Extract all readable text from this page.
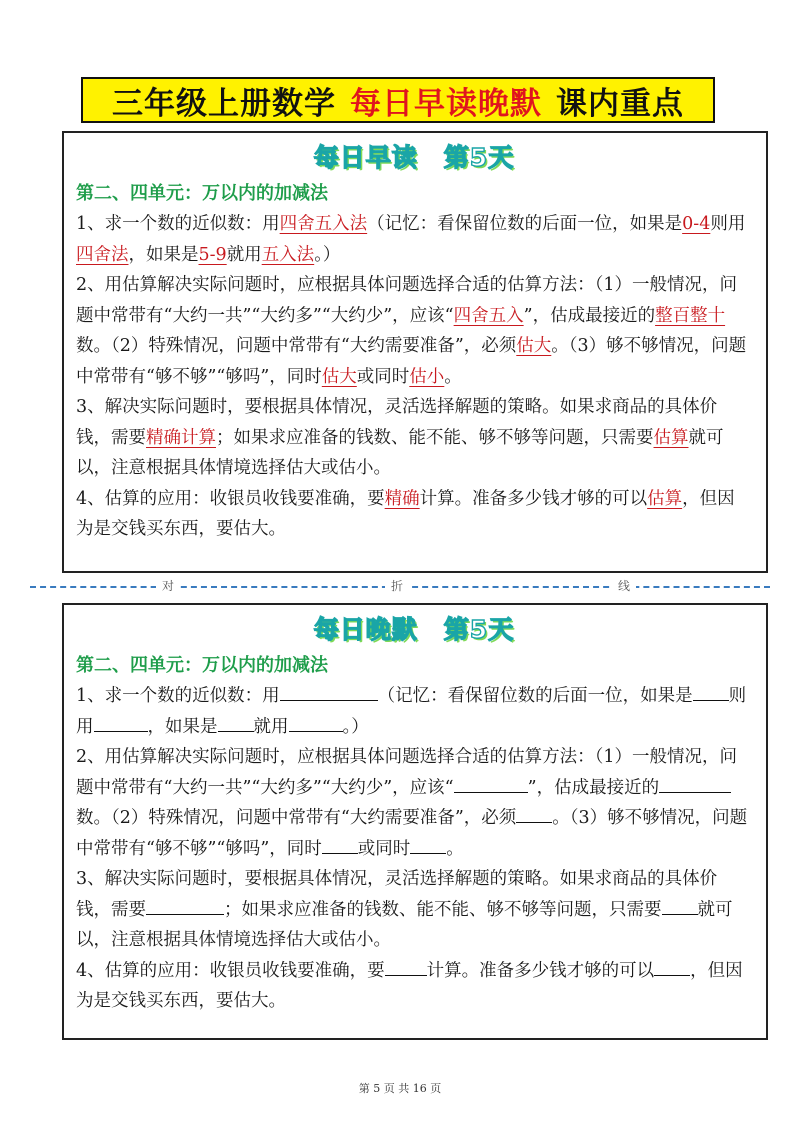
三年级上册数学 每日早读晚默 课内重点
每日早读 第5天
第二、四单元：万以内的加减法

1、求一个数的近似数：用四舍五入法（记忆：看保留位数的后面一位，如果是0-4则用四舍法，如果是5-9就用五入法。）

2、用估算解决实际问题时，应根据具体问题选择合适的估算方法：（1）一般情况，问题中常带有“大约一共”“大约多”“大约少”，应该“四舍五入”，估成最接近的整百整十数。（2）特殊情况，问题中常带有“大约需要准备”，必须估大。（3）够不够情况，问题中常带有“够不够”“够吗”，同时估大或同时估小。

3、解决实际问题时，要根据具体情况，灵活选择解题的策略。如果求商品的具体价钱，需要精确计算；如果求应准备的钱数、能不能、够不够等问题，只需要估算就可以，注意根据具体情境选择估大或估小。

4、估算的应用：收银员收钱要准确，要精确计算。准备多少钱才够的可以估算，但因为是交钱买东西，要估大。

对	折	线
每日晚默 第5天
第二、四单元：万以内的加减法

1、求一个数的近似数：用	（记忆：看保留位数的后面一位，如果是 则用	，如果是 就用	。）

2、用估算解决实际问题时，应根据具体问题选择合适的估算方法：（1）一般情况，问题中常带有“大约一共”“大约多”“大约少”，应该“	”，估成最接近的数。（2）特殊情况，问题中常带有“大约需要准备”，必须 。（3）够不够情况，问题中常带有“够不够”“够吗”，同时 或同时 。

3、解决实际问题时，要根据具体情况，灵活选择解题的策略。如果求商品的具体价钱，需要	；如果求应准备的钱数、能不能、够不够等问题，只需要 就可以，注意根据具体情境选择估大或估小。

4、估算的应用：收银员收钱要准确，要 计算。准备多少钱才够的可以 ，但因为是交钱买东西，要估大。

第 5 页 共 16 页
